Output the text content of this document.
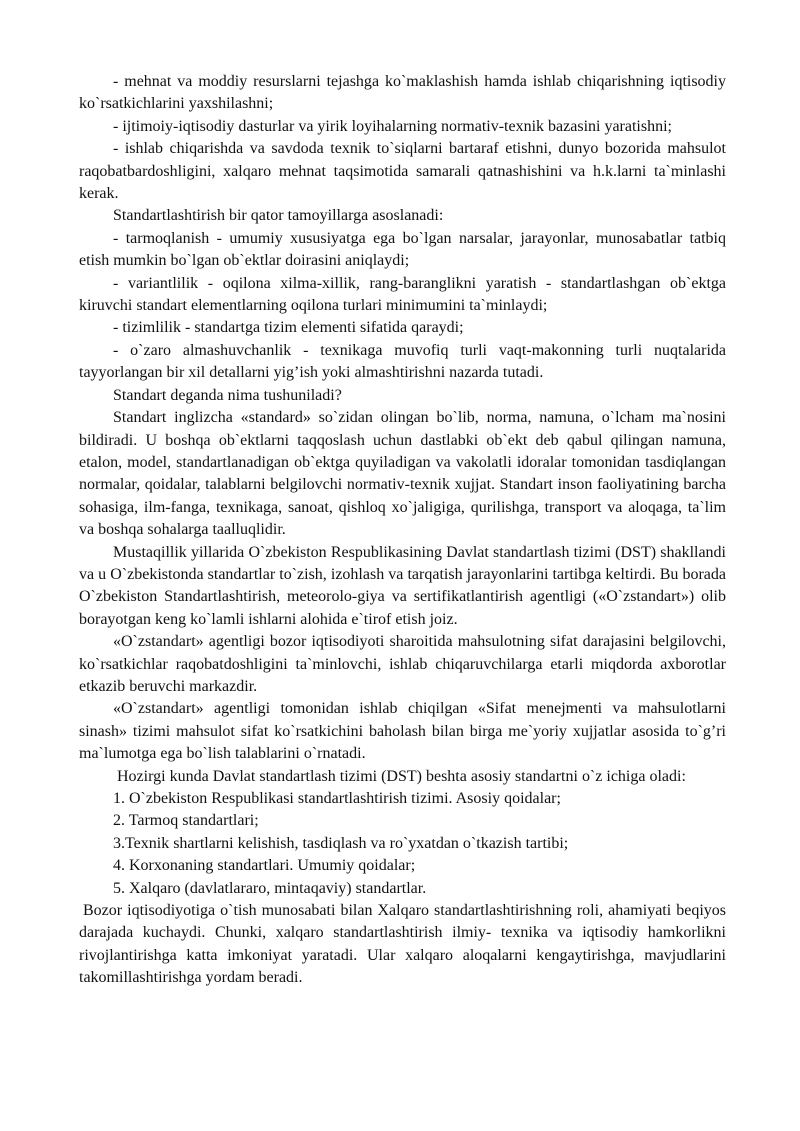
- mehnat va moddiy resurslarni tejashga ko`maklashish hamda ishlab chiqarishning iqtisodiy ko`rsatkichlarini yaxshilashni;

- ijtimoiy-iqtisodiy dasturlar va yirik loyihalarning normativ-texnik bazasini yaratishni;

- ishlab chiqarishda va savdoda texnik to`siqlarni bartaraf etishni, dunyo bozorida mahsulot raqobatbardoshligini, xalqaro mehnat taqsimotida samarali qatnashishini va h.k.larni ta`minlashi kerak.

Standartlashtirish bir qator tamoyillarga asoslanadi:

- tarmoqlanish - umumiy xususiyatga ega bo`lgan narsalar, jarayonlar, munosabatlar tatbiq etish mumkin bo`lgan ob`ektlar doirasini aniqlaydi;

- variantlilik - oqilona xilma-xillik, rang-baranglikni yaratish - standartlashgan ob`ektga kiruvchi standart elementlarning oqilona turlari minimumini ta`minlaydi;

- tizimlilik - standartga tizim elementi sifatida qaraydi;

- o`zaro almashuvchanlik - texnikaga muvofiq turli vaqt-makonning turli nuqtalarida tayyorlangan bir xil detallarni yig’ish yoki almashtirishni nazarda tutadi.

Standart deganda nima tushuniladi?

Standart inglizcha «standard» so`zidan olingan bo`lib, norma, namuna, o`lcham ma`nosini bildiradi. U boshqa ob`ektlarni taqqoslash uchun dastlabki ob`ekt deb qabul qilingan namuna, etalon, model, standartlanadigan ob`ektga quyiladigan va vakolatli idoralar tomonidan tasdiqlangan normalar, qoidalar, talablarni belgilovchi normativ-texnik xujjat. Standart inson faoliyatining barcha sohasiga, ilm-fanga, texnikaga, sanoat, qishloq xo`jaligiga, qurilishga, transport va aloqaga, ta`lim va boshqa sohalarga taalluqlidir.

Mustaqillik yillarida O`zbekiston Respublikasining Davlat standartlash tizimi (DST) shakllandi va u O`zbekistonda standartlar to`zish, izohlash va tarqatish jarayonlarini tartibga keltirdi. Bu borada O`zbekiston Standartlashtirish, meteorolo-giya va sertifikatlantirish agentligi («O`zstandart») olib borayotgan keng ko`lamli ishlarni alohida e`tirof etish joiz.

«O`zstandart» agentligi bozor iqtisodiyoti sharoitida mahsulotning sifat darajasini belgilovchi, ko`rsatkichlar raqobatdoshligini ta`minlovchi, ishlab chiqaruvchilarga etarli miqdorda axborotlar etkazib beruvchi markazdir.

«O`zstandart» agentligi tomonidan ishlab chiqilgan «Sifat menejmenti va mahsulotlarni sinash» tizimi mahsulot sifat ko`rsatkichini baholash bilan birga me`yoriy xujjatlar asosida to`g’ri ma`lumotga ega bo`lish talablarini o`rnatadi.

Hozirgi kunda Davlat standartlash tizimi (DST) beshta asosiy standartni o`z ichiga oladi:

1. O`zbekiston Respublikasi standartlashtirish tizimi. Asosiy qoidalar;
2. Tarmoq standartlari;
3.Texnik shartlarni kelishish, tasdiqlash va ro`yxatdan o`tkazish tartibi;
4. Korxonaning standartlari. Umumiy qoidalar;
5. Xalqaro (davlatlararo, mintaqaviy) standartlar.

Bozor iqtisodiyotiga o`tish munosabati bilan Xalqaro standartlashtirishning roli, ahamiyati beqiyos darajada kuchaydi. Chunki, xalqaro standartlashtirish ilmiy- texnika va iqtisodiy hamkorlikni rivojlantirishga katta imkoniyat yaratadi. Ular xalqaro aloqalarni kengaytirishga, mavjudlarini takomillashtirishga yordam beradi.
